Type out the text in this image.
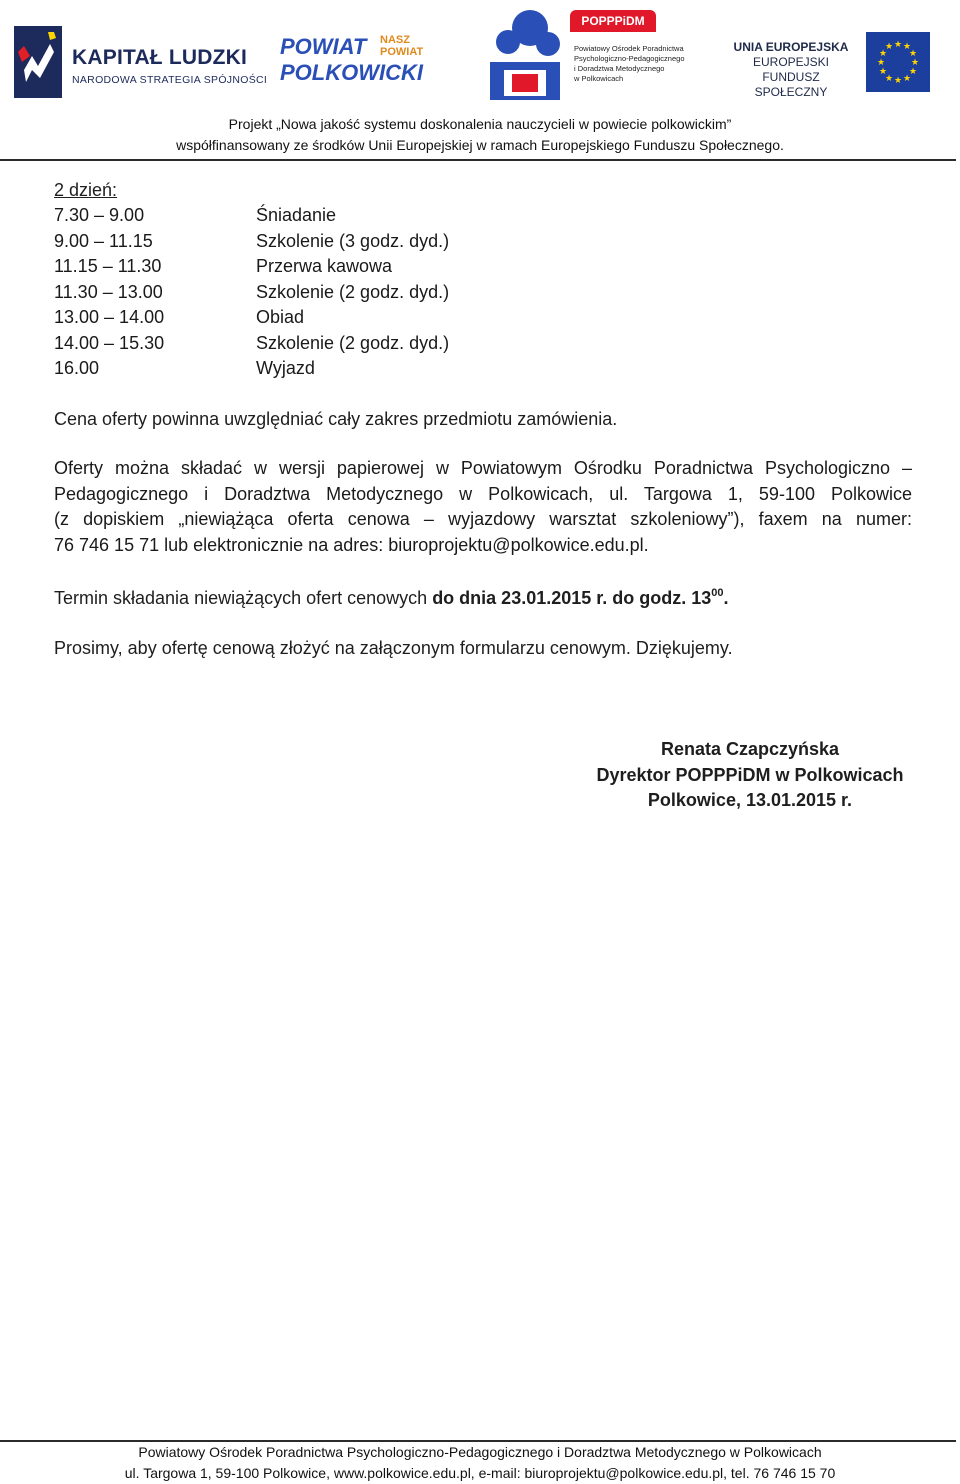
KAPITAŁ LUDZKI
NARODOWA STRATEGIA SPÓJNOŚCI
POWIAT
POLKOWICKI
NASZ
POWIAT
POPPPiDM
Powiatowy Ośrodek Poradnictwa
Psychologiczno-Pedagogicznego
i Doradztwa Metodycznego
w Polkowicach
UNIA EUROPEJSKA
EUROPEJSKI
FUNDUSZ SPOŁECZNY
★ ★
★
★
★
★
★
★
★
★
★
★
Projekt „Nowa jakość systemu doskonalenia nauczycieli w powiecie polkowickim”
współfinansowany ze środków Unii Europejskiej w ramach Europejskiego Funduszu Społecznego.
2 dzień:
7.30 – 9.00	Śniadanie
9.00 – 11.15	Szkolenie (3 godz. dyd.)
11.15 – 11.30	Przerwa kawowa
11.30 – 13.00	Szkolenie (2 godz. dyd.)
13.00 – 14.00	Obiad
14.00 – 15.30	Szkolenie (2 godz. dyd.)
16.00	Wyjazd
Cena oferty powinna uwzględniać cały zakres przedmiotu zamówienia.
Oferty można składać w wersji papierowej w Powiatowym Ośrodku Poradnictwa Psychologiczno –
Pedagogicznego i Doradztwa Metodycznego w Polkowicach, ul. Targowa 1, 59-100 Polkowice
(z dopiskiem „niewiążąca oferta cenowa – wyjazdowy warsztat szkoleniowy”), faxem na numer:
76 746 15 71 lub elektronicznie na adres: biuroprojektu@polkowice.edu.pl.
Termin składania niewiążących ofert cenowych do dnia 23.01.2015 r. do godz. $13^{00}$.
Prosimy, aby ofertę cenową złożyć na załączonym formularzu cenowym. Dziękujemy.
Renata Czapczyńska
Dyrektor POPPPiDM w Polkowicach
Polkowice, 13.01.2015 r.
Powiatowy Ośrodek Poradnictwa Psychologiczno-Pedagogicznego i Doradztwa Metodycznego w Polkowicach
ul. Targowa 1, 59-100 Polkowice, www.polkowice.edu.pl, e-mail: biuroprojektu@polkowice.edu.pl, tel. 76 746 15 70
